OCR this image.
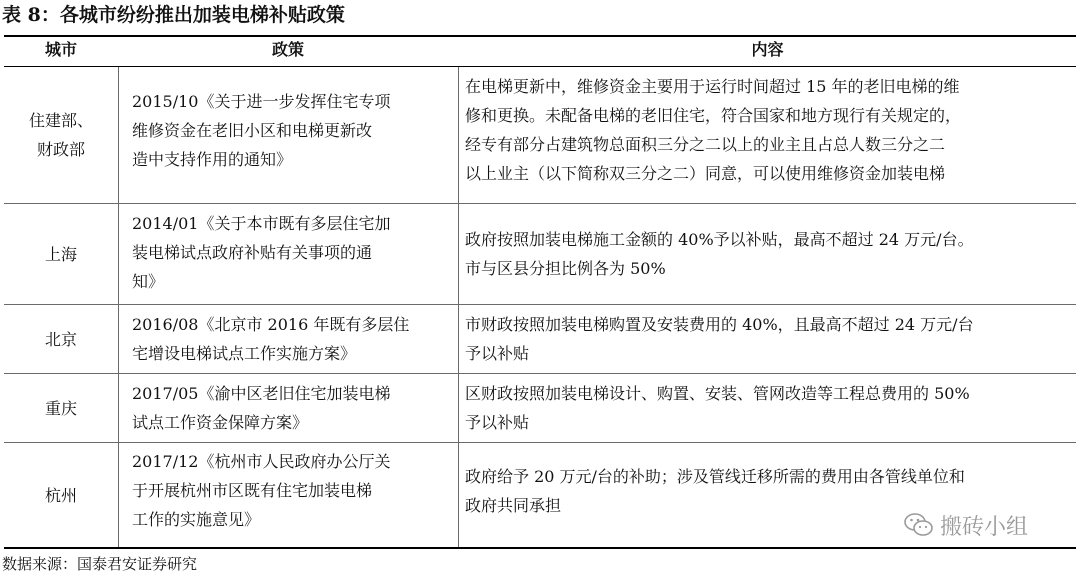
表 8：各城市纷纷推出加装电梯补贴政策
城市	政策	内容
住建部、
财政部
2015/10《关于进一步发挥住宅专项
维修资金在老旧小区和电梯更新改
造中支持作用的通知》
在电梯更新中，维修资金主要用于运行时间超过 15 年的老旧电梯的维
修和更换。未配备电梯的老旧住宅，符合国家和地方现行有关规定的，
经专有部分占建筑物总面积三分之二以上的业主且占总人数三分之二
以上业主（以下简称双三分之二）同意，可以使用维修资金加装电梯
上海
2014/01《关于本市既有多层住宅加
装电梯试点政府补贴有关事项的通
知》
政府按照加装电梯施工金额的 40%予以补贴，最高不超过 24 万元/台。
市与区县分担比例各为 50%
北京
2016/08《北京市 2016 年既有多层住
宅增设电梯试点工作实施方案》
市财政按照加装电梯购置及安装费用的 40%，且最高不超过 24 万元/台
予以补贴
重庆
2017/05《渝中区老旧住宅加装电梯
试点工作资金保障方案》
区财政按照加装电梯设计、购置、安装、管网改造等工程总费用的 50%
予以补贴
杭州
2017/12《杭州市人民政府办公厅关
于开展杭州市区既有住宅加装电梯
工作的实施意见》
政府给予 20 万元/台的补助；涉及管线迁移所需的费用由各管线单位和
政府共同承担
数据来源：国泰君安证券研究
搬砖小组
